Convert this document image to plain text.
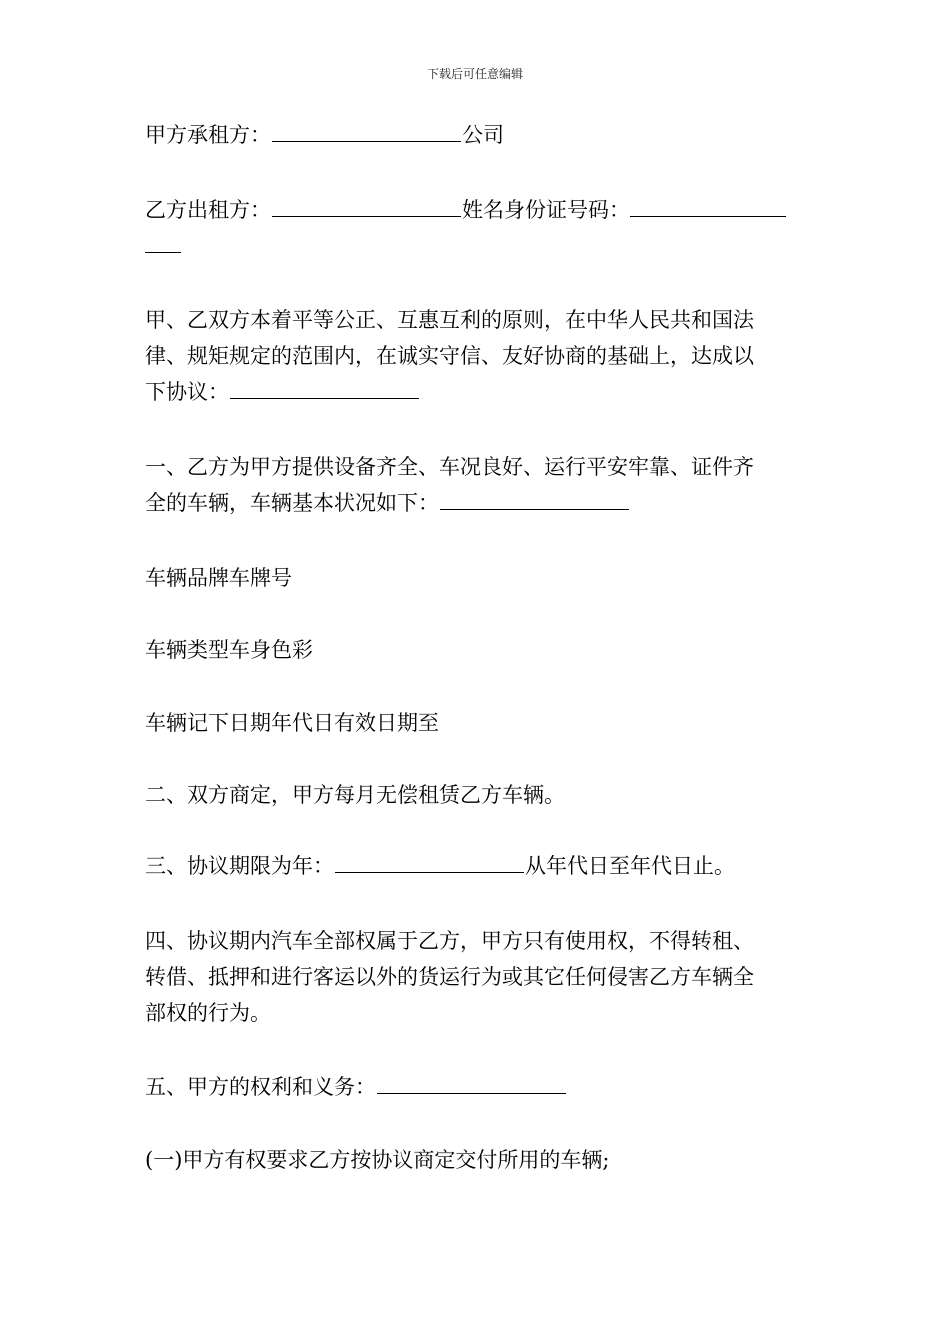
下载后可任意编辑
甲方承租方：	公司
乙方出租方：	姓名身份证号码：
甲、乙双方本着平等公正、互惠互利的原则，在中华人民共和国法
律、规矩规定的范围内，在诚实守信、友好协商的基础上，达成以
下协议：
一、乙方为甲方提供设备齐全、车况良好、运行平安牢靠、证件齐
全的车辆，车辆基本状况如下：
车辆品牌车牌号
车辆类型车身色彩
车辆记下日期年代日有效日期至
二、双方商定，甲方每月无偿租赁乙方车辆。
三、协议期限为年：	从年代日至年代日止。
四、协议期内汽车全部权属于乙方，甲方只有使用权，不得转租、
转借、抵押和进行客运以外的货运行为或其它任何侵害乙方车辆全
部权的行为。
五、甲方的权利和义务：
(一)甲方有权要求乙方按协议商定交付所用的车辆;
